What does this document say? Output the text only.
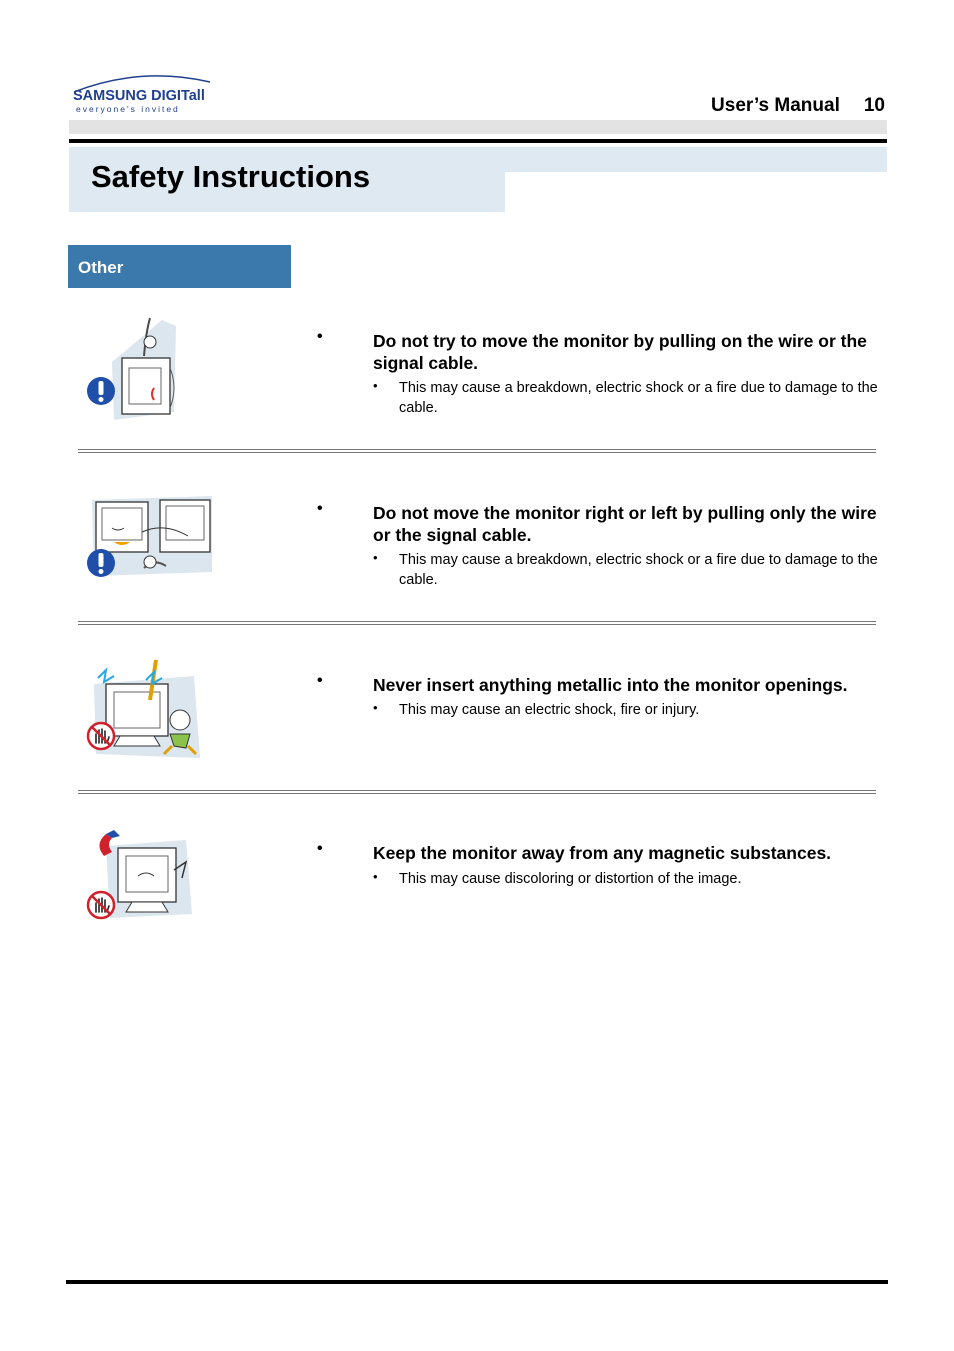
SAMSUNG DIGITall
everyone's invited	User’s Manual 10
Safety Instructions
Other
•	Do not try to move the monitor by pulling on the wire or the signal cable.

• This may cause a breakdown, electric shock or a fire due to damage to the cable.

•	Do not move the monitor right or left by pulling only the wire or the signal cable.

• This may cause a breakdown, electric shock or a fire due to damage to the cable.

•	Never insert anything metallic into the monitor openings.

• This may cause an electric shock, fire or injury.

•	Keep the monitor away from any magnetic substances.

• This may cause discoloring or distortion of the image.
